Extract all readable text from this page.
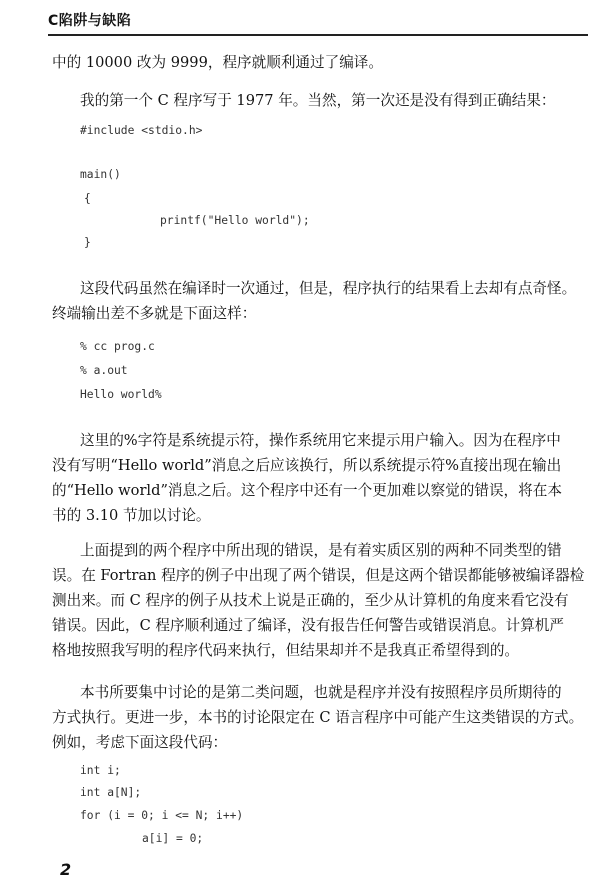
C陷阱与缺陷

中的 10000 改为 9999，程序就顺利通过了编译。

我的第一个 C 程序写于 1977 年。当然，第一次还是没有得到正确结果：

#include <stdio.h>
main()
{
printf("Hello world");
}
这段代码虽然在编译时一次通过，但是，程序执行的结果看上去却有点奇怪。
终端输出差不多就是下面这样：
% cc prog.c
% a.out
Hello world%
这里的%字符是系统提示符，操作系统用它来提示用户输入。因为在程序中
没有写明“Hello world”消息之后应该换行，所以系统提示符%直接出现在输出
的“Hello world”消息之后。这个程序中还有一个更加难以察觉的错误，将在本
书的 3.10 节加以讨论。
上面提到的两个程序中所出现的错误，是有着实质区别的两种不同类型的错
误。在 Fortran 程序的例子中出现了两个错误，但是这两个错误都能够被编译器检
测出来。而 C 程序的例子从技术上说是正确的，至少从计算机的角度来看它没有
错误。因此，C 程序顺利通过了编译，没有报告任何警告或错误消息。计算机严
格地按照我写明的程序代码来执行，但结果却并不是我真正希望得到的。
本书所要集中讨论的是第二类问题，也就是程序并没有按照程序员所期待的
方式执行。更进一步，本书的讨论限定在 C 语言程序中可能产生这类错误的方式。
例如，考虑下面这段代码：
int i;
int a[N];
for (i = 0; i <= N; i++)
a[i] = 0;
2
